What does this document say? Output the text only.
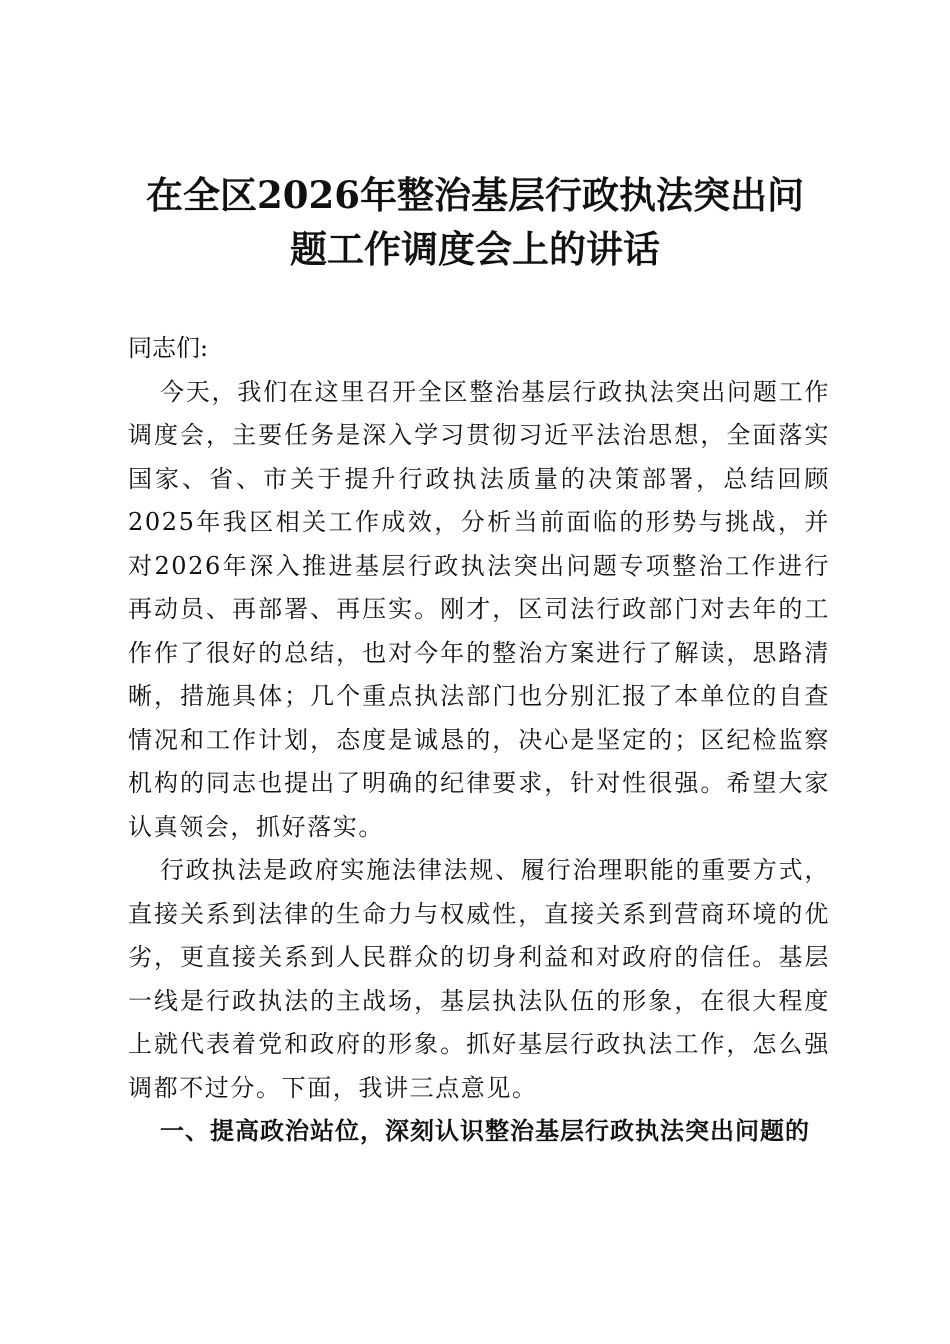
在全区2026年整治基层行政执法突出问题工作调度会上的讲话

同志们:

今天，我们在这里召开全区整治基层行政执法突出问题工作调度会，主要任务是深入学习贯彻习近平法治思想，全面落实国家、省、市关于提升行政执法质量的决策部署，总结回顾2025年我区相关工作成效，分析当前面临的形势与挑战，并对2026年深入推进基层行政执法突出问题专项整治工作进行再动员、再部署、再压实。刚才，区司法行政部门对去年的工作作了很好的总结，也对今年的整治方案进行了解读，思路清晰，措施具体；几个重点执法部门也分别汇报了本单位的自查情况和工作计划，态度是诚恳的，决心是坚定的；区纪检监察机构的同志也提出了明确的纪律要求，针对性很强。希望大家认真领会，抓好落实。

行政执法是政府实施法律法规、履行治理职能的重要方式，直接关系到法律的生命力与权威性，直接关系到营商环境的优劣，更直接关系到人民群众的切身利益和对政府的信任。基层一线是行政执法的主战场，基层执法队伍的形象，在很大程度上就代表着党和政府的形象。抓好基层行政执法工作，怎么强调都不过分。下面，我讲三点意见。

一、提高政治站位，深刻认识整治基层行政执法突出问题的
